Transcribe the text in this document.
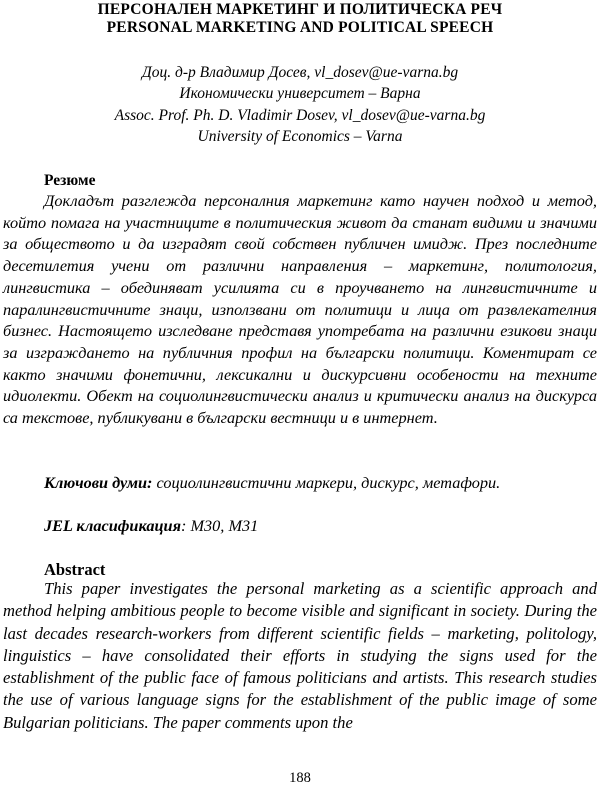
ПЕРСОНАЛЕН МАРКЕТИНГ И ПОЛИТИЧЕСКА РЕЧ
PERSONAL MARKETING AND POLITICAL SPEECH
Доц. д-р Владимир Досев, vl_dosev@ue-varna.bg
Икономически университет – Варна
Assoc. Prof. Ph. D. Vladimir Dosev, vl_dosev@ue-varna.bg
University of Economics – Varna
Резюме

Докладът разглежда персоналния маркетинг като научен подход и метод, който помага на участниците в политическия живот да станат видими и значими за обществото и да изградят свой собствен публичен имидж. През последните десетилетия учени от различни направления – маркетинг, политология, лингвистика – обединяват усилията си в проучването на лингвистичните и паралингвистичните знаци, използвани от политици и лица от развлекателния бизнес. Настоящето изследване представя употребата на различни езикови знаци за изграждането на публичния профил на български политици. Коментират се както значими фонетични, лексикални и дискурсивни особености на техните идиолекти. Обект на социолингвистически анализ и критически анализ на дискурса са текстове, публикувани в български вестници и в интернет.

Ключови думи: социолингвистични маркери, дискурс, метафори.

JEL класификация: M30, M31
Abstract

This paper investigates the personal marketing as a scientific approach and method helping ambitious people to become visible and significant in society. During the last decades research-workers from different scientific fields – marketing, politology, linguistics – have consolidated their efforts in studying the signs used for the establishment of the public face of famous politicians and artists. This research studies the use of various language signs for the establishment of the public image of some Bulgarian politicians. The paper comments upon the

188
